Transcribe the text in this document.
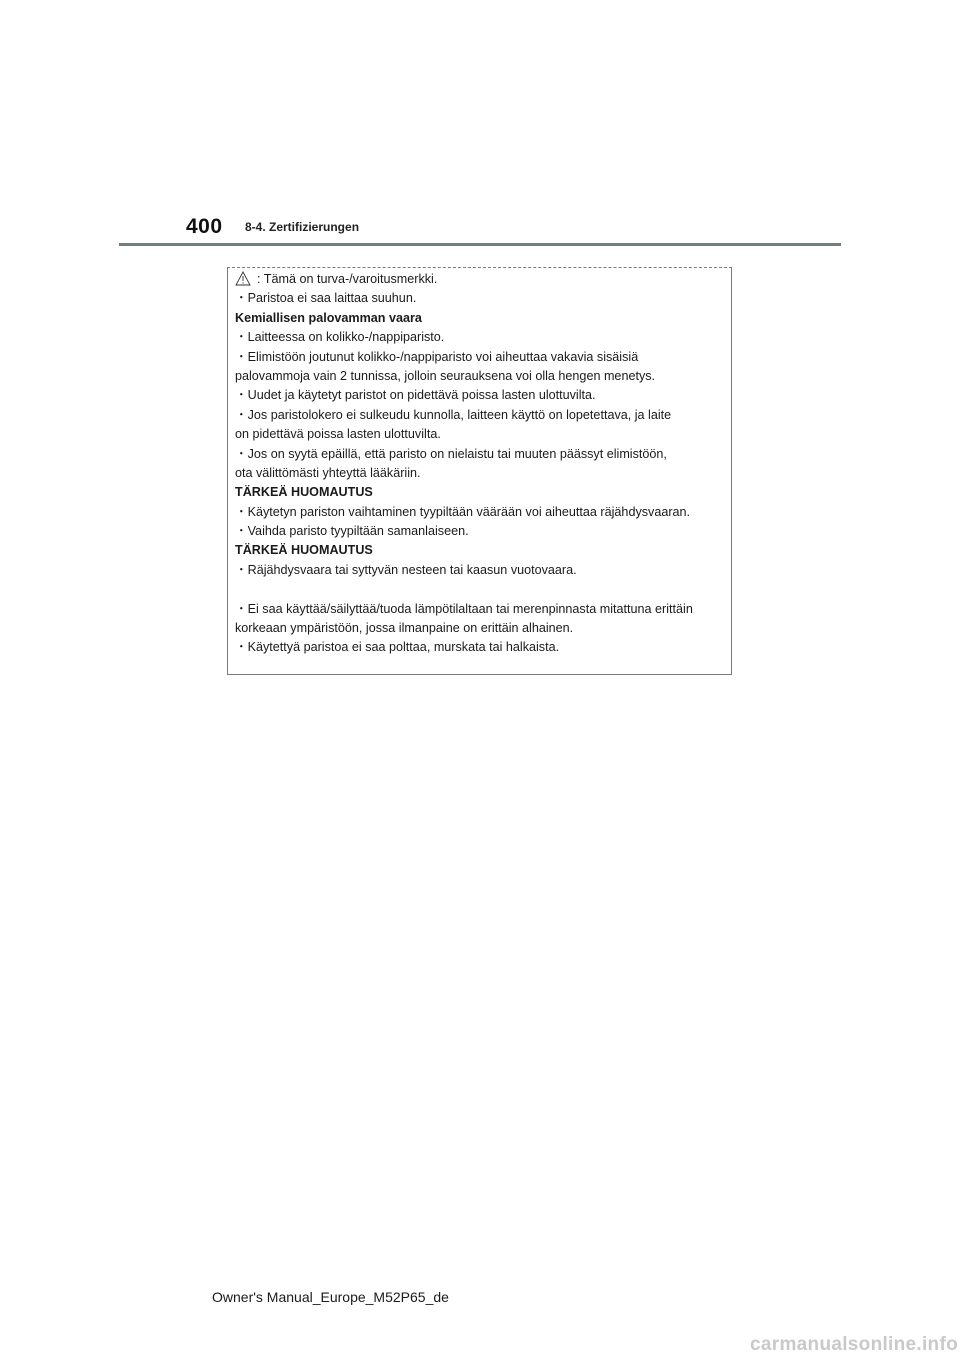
400 8-4. Zertifizierungen
: Tämä on turva-/varoitusmerkki.
・Paristoa ei saa laittaa suuhun.
Kemiallisen palovamman vaara
・Laitteessa on kolikko-/nappiparisto.
・Elimistöön joutunut kolikko-/nappiparisto voi aiheuttaa vakavia sisäisiä
palovammoja vain 2 tunnissa, jolloin seurauksena voi olla hengen menetys.
・Uudet ja käytetyt paristot on pidettävä poissa lasten ulottuvilta.
・Jos paristolokero ei sulkeudu kunnolla, laitteen käyttö on lopetettava, ja laite
on pidettävä poissa lasten ulottuvilta.
・Jos on syytä epäillä, että paristo on nielaistu tai muuten päässyt elimistöön,
ota välittömästi yhteyttä lääkäriin.
TÄRKEÄ HUOMAUTUS
・Käytetyn pariston vaihtaminen tyypiltään väärään voi aiheuttaa räjähdysvaaran.
・Vaihda paristo tyypiltään samanlaiseen.
TÄRKEÄ HUOMAUTUS
・Räjähdysvaara tai syttyvän nesteen tai kaasun vuotovaara.
・Ei saa käyttää/säilyttää/tuoda lämpötilaltaan tai merenpinnasta mitattuna erittäin
korkeaan ympäristöön, jossa ilmanpaine on erittäin alhainen.
・Käytettyä paristoa ei saa polttaa, murskata tai halkaista.
Owner's Manual_Europe_M52P65_de
carmanualsonline.info
